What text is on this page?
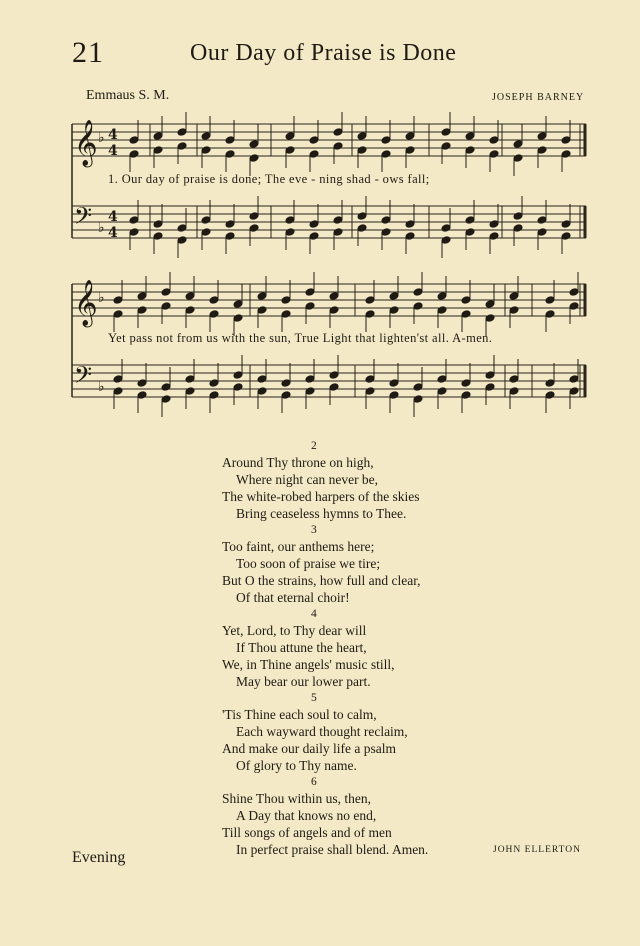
21	Our Day of Praise is Done
Emmaus S. M.	JOSEPH BARNEY
𝄞 ♭ 4
4
𝄢 ♭
4
4
𝄞 ♭
𝄢 ♭
1. Our day of praise is done; The eve - ning shad - ows fall;
Yet pass not from us with the sun, True Light that lighten'st all. A-men.
2
Around Thy throne on high,
Where night can never be,
The white-robed harpers of the skies
Bring ceaseless hymns to Thee.
3
Too faint, our anthems here;
Too soon of praise we tire;
But O the strains, how full and clear,
Of that eternal choir!
4
Yet, Lord, to Thy dear will
If Thou attune the heart,
We, in Thine angels' music still,
May bear our lower part.
5
'Tis Thine each soul to calm,
Each wayward thought reclaim,
And make our daily life a psalm
Of glory to Thy name.
6
Shine Thou within us, then,
A Day that knows no end,
Till songs of angels and of men
In perfect praise shall blend. Amen.	JOHN ELLERTON
Evening
